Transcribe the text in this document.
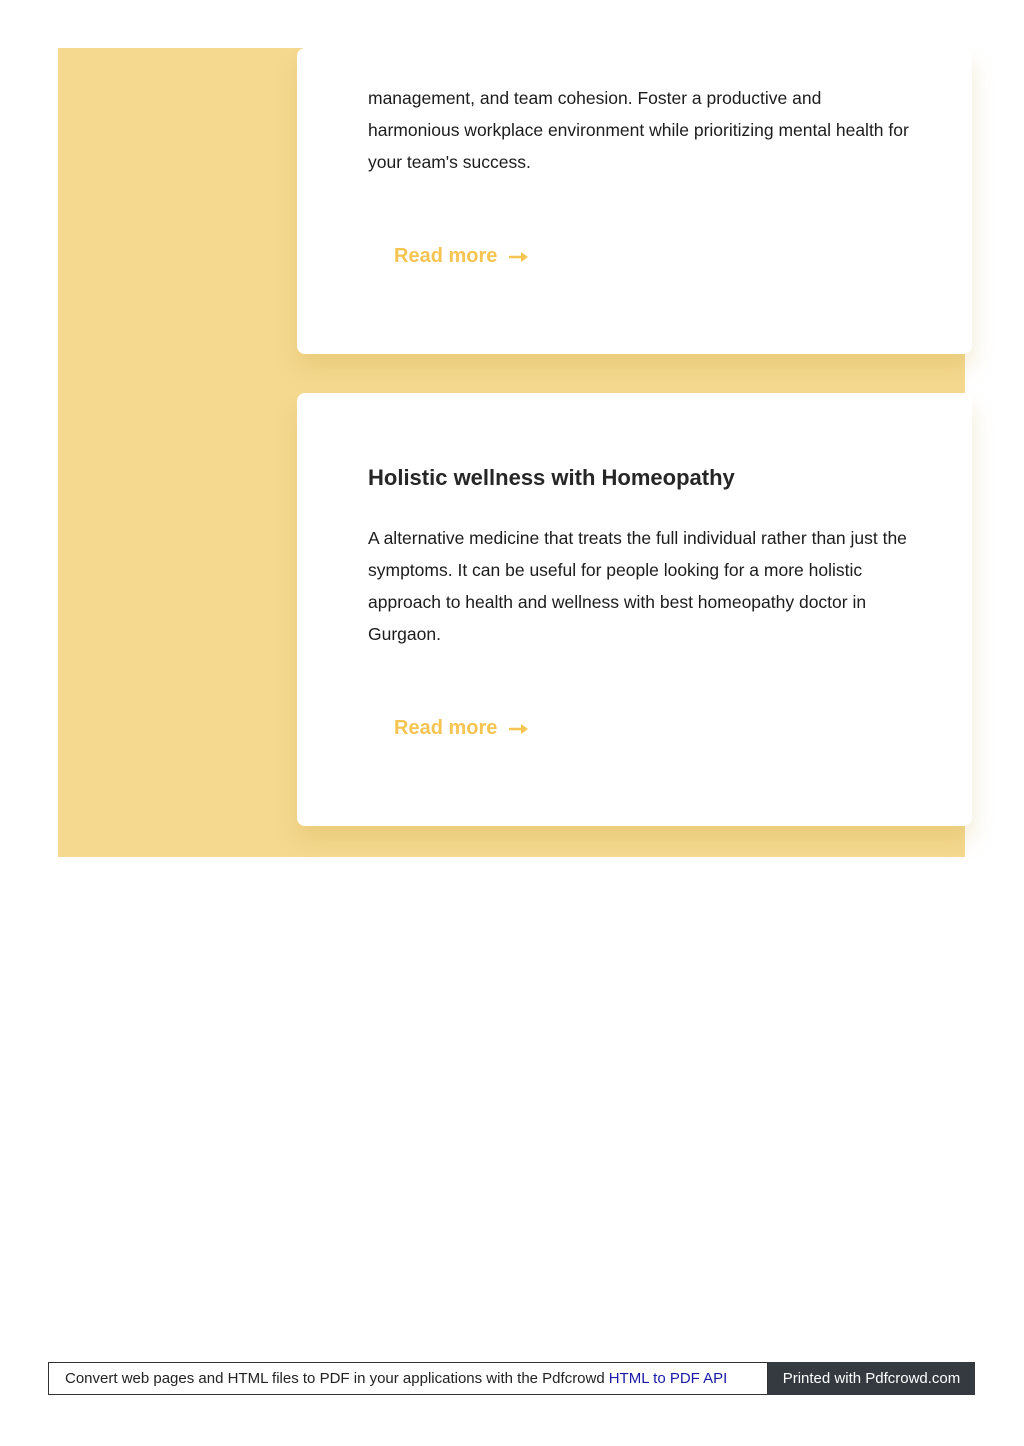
management, and team cohesion. Foster a productive and harmonious workplace environment while prioritizing mental health for your team's success.

Read more
Holistic wellness with Homeopathy

A alternative medicine that treats the full individual rather than just the symptoms. It can be useful for people looking for a more holistic approach to health and wellness with best homeopathy doctor in Gurgaon.

Read more
Convert web pages and HTML files to PDF in your applications with the Pdfcrowd HTML to PDF API	Printed with Pdfcrowd.com
